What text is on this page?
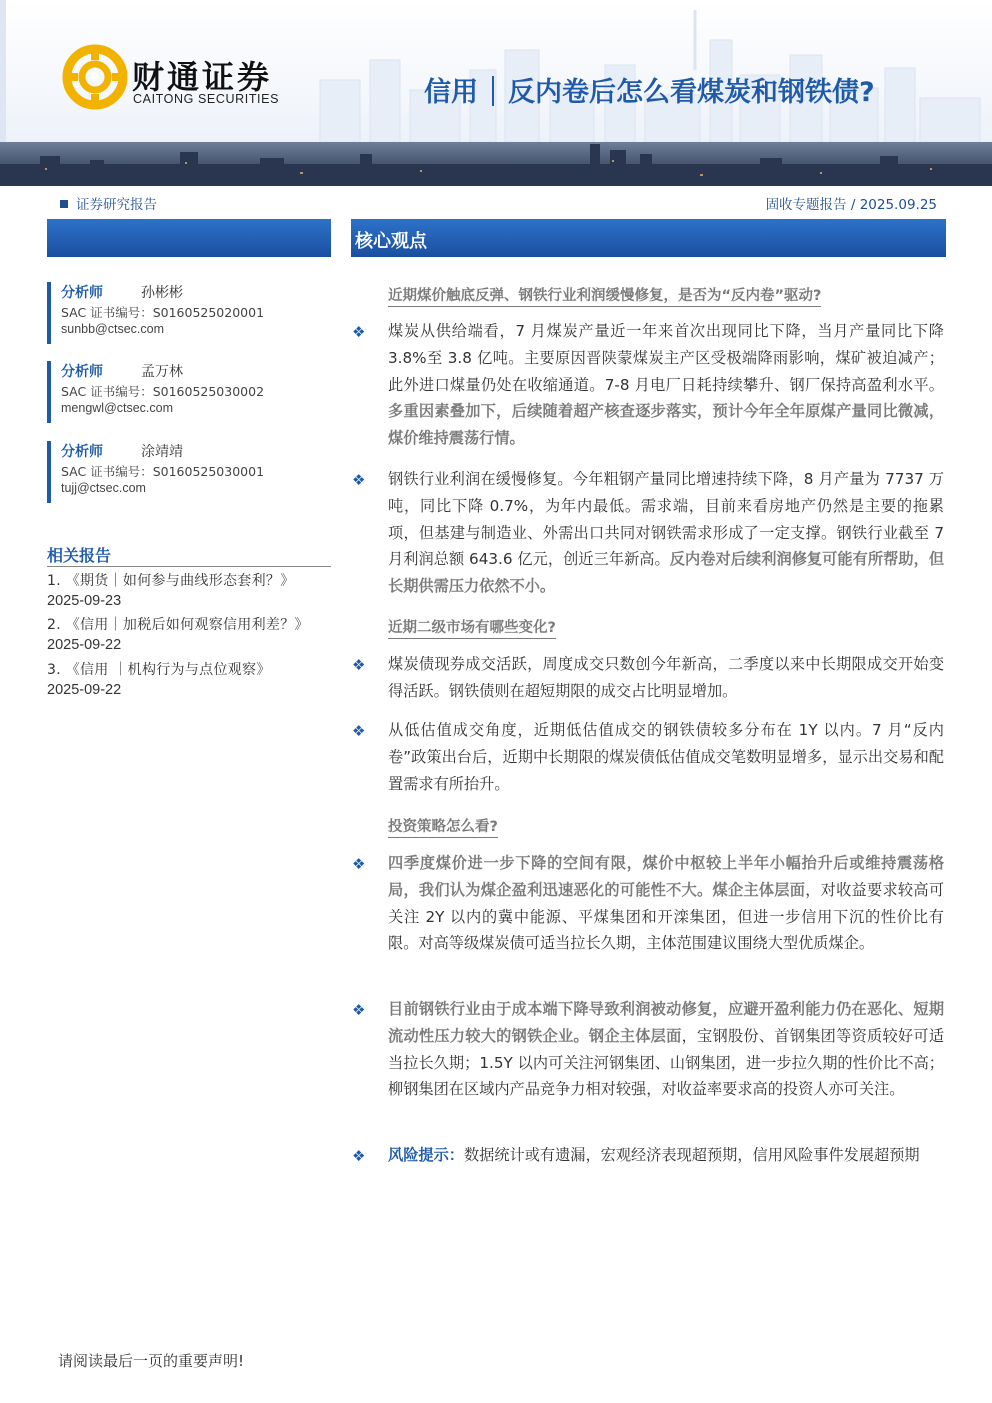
财通证券
CAITONG SECURITIES	信用 反内卷后怎么看煤炭和钢铁债?
证券研究报告	固收专题报告 / 2025.09.25
分析师	孙彬彬
SAC 证书编号：S0160525020001
sunbb@ctsec.com
分析师	孟万林
SAC 证书编号：S0160525030002
mengwl@ctsec.com
分析师	涂靖靖
SAC 证书编号：S0160525030001
tujj@ctsec.com
相关报告
1. 《期货｜如何参与曲线形态套利？》
2025-09-23
2. 《信用｜加税后如何观察信用利差？》
2025-09-22
3. 《信用 ｜机构行为与点位观察》
2025-09-22
核心观点
近期煤价触底反弹、钢铁行业利润缓慢修复，是否为“反内卷”驱动?
❖ 煤炭从供给端看，7 月煤炭产量近一年来首次出现同比下降，当月产量同比下降 3.8%至 3.8 亿吨。主要原因晋陕蒙煤炭主产区受极端降雨影响，煤矿被迫减产；此外进口煤量仍处在收缩通道。7-8 月电厂日耗持续攀升、钢厂保持高盈利水平。多重因素叠加下，后续随着超产核查逐步落实，预计今年全年原煤产量同比微减，煤价维持震荡行情。
❖ 钢铁行业利润在缓慢修复。今年粗钢产量同比增速持续下降，8 月产量为 7737 万吨，同比下降 0.7%，为年内最低。需求端，目前来看房地产仍然是主要的拖累项，但基建与制造业、外需出口共同对钢铁需求形成了一定支撑。钢铁行业截至 7 月利润总额 643.6 亿元，创近三年新高。反内卷对后续利润修复可能有所帮助，但长期供需压力依然不小。
近期二级市场有哪些变化?
❖ 煤炭债现券成交活跃，周度成交只数创今年新高，二季度以来中长期限成交开始变得活跃。钢铁债则在超短期限的成交占比明显增加。
❖ 从低估值成交角度，近期低估值成交的钢铁债较多分布在 1Y 以内。7 月“反内卷”政策出台后，近期中长期限的煤炭债低估值成交笔数明显增多，显示出交易和配置需求有所抬升。
投资策略怎么看?
❖ 四季度煤价进一步下降的空间有限，煤价中枢较上半年小幅抬升后或维持震荡格局，我们认为煤企盈利迅速恶化的可能性不大。煤企主体层面，对收益要求较高可关注 2Y 以内的冀中能源、平煤集团和开滦集团，但进一步信用下沉的性价比有限。对高等级煤炭债可适当拉长久期，主体范围建议围绕大型优质煤企。
❖ 目前钢铁行业由于成本端下降导致利润被动修复，应避开盈利能力仍在恶化、短期流动性压力较大的钢铁企业。钢企主体层面，宝钢股份、首钢集团等资质较好可适当拉长久期；1.5Y 以内可关注河钢集团、山钢集团，进一步拉久期的性价比不高；柳钢集团在区域内产品竞争力相对较强，对收益率要求高的投资人亦可关注。
❖ 风险提示：数据统计或有遗漏，宏观经济表现超预期，信用风险事件发展超预期
请阅读最后一页的重要声明!
